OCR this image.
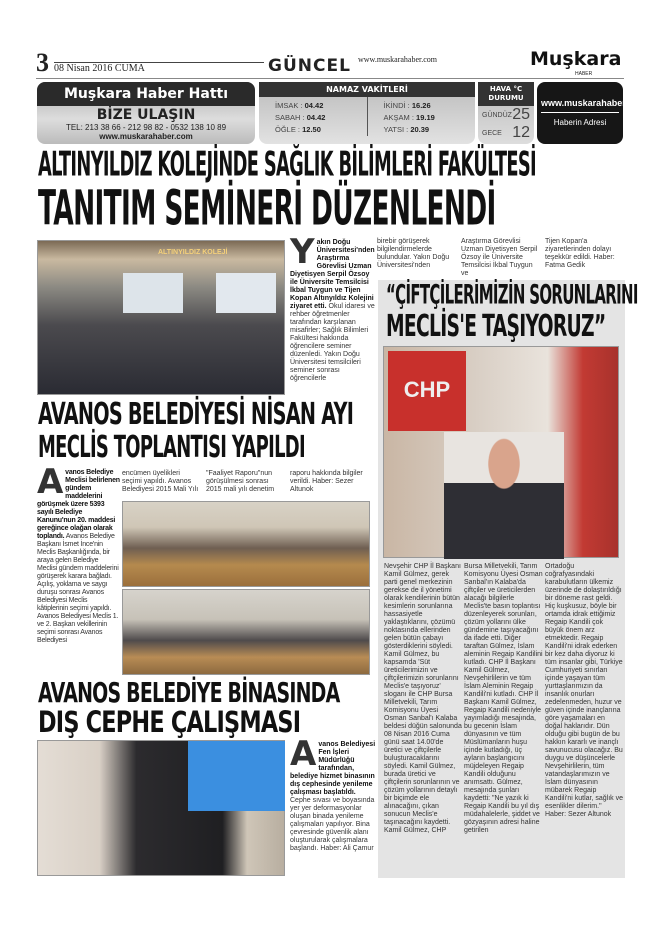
3 08 Nisan 2016 CUMA	GÜNCEL www.muskarahaber.com	Muşkara
HABER
Muşkara Haber Hattı
BİZE ULAŞIN
TEL: 213 38 66 - 212 98 82 - 0532 138 10 89
www.muskarahaber.com
NAMAZ VAKİTLERİ
İMSAK : 04.42
SABAH : 04.42
ÖĞLE : 12.50
İKİNDİ : 16.26
AKŞAM : 19.19
YATSI : 20.39
HAVA °C DURUMU
GÜNDÜZ 25
GECE 12
www.muskarahaber.com
Haberin Adresi
ALTINYILDIZ KOLEJİNDE SAĞLIK BİLİMLERİ FAKÜLTESİ
TANITIM SEMİNERİ DÜZENLENDİ
ALTINYILDIZ KOLEJİ Yakın Doğu Üniversitesi'nden Araştırma Görevlisi Uzman Diyetisyen Serpil Özsoy ile Üniversite Temsilcisi İkbal Tuygun ve Tijen Kopan Altınyıldız Kolejini ziyaret etti. Okul idaresi ve rehber öğretmenler tarafından karşılanan misafirler; Sağlık Bilimleri Fakültesi hakkında öğrencilere seminer düzenledi. Yakın Doğu Üniversitesi temsilcileri seminer sonrası öğrencilerle
birebir görüşerek bilgilendirmelerde bulundular. Yakın Doğu Üniversitesi'nden
Araştırma Görevlisi Uzman Diyetisyen Serpil Özsoy ile Üniversite Temsilcisi İkbal Tuygun ve
Tijen Kopan'a ziyaretlerinden dolayı teşekkür edildi. Haber: Fatma Gedik
AVANOS BELEDİYESİ NİSAN AYI
MECLİS TOPLANTISI YAPILDI
Avanos Belediye Meclisi belirlenen gündem maddelerini görüşmek üzere 5393 sayılı Belediye Kanunu'nun 20. maddesi gereğince olağan olarak toplandı. Avanos Belediye Başkanı İsmet İnce'nin Meclis Başkanlığında, bir araya gelen Belediye Meclisi gündem maddelerini görüşerek karara bağladı. Açılış, yoklama ve saygı duruşu sonrası Avanos Belediyesi Meclis kâtiplerinin seçimi yapıldı. Avanos Belediyesi Meclis 1. ve 2. Başkan vekillerinin seçimi sonrası Avanos Belediyesi
encümen üyelikleri seçimi yapıldı. Avanos Belediyesi 2015 Mali Yılı
"Faaliyet Raporu"nun görüşülmesi sonrası 2015 mali yılı denetim
raporu hakkında bilgiler verildi. Haber: Sezer Altunok
AVANOS BELEDİYE BİNASINDA
DIŞ CEPHE ÇALIŞMASI
Avanos Belediyesi Fen İşleri Müdürlüğü tarafından, belediye hizmet binasının dış cephesinde yenileme çalışması başlatıldı. Cephe sıvası ve boyasında yer yer deformasyonlar oluşan binada yenileme çalışmaları yapılıyor. Bina çevresinde güvenlik alanı oluşturularak çalışmalara başlandı. Haber: Ali Çamur
“ÇİFTÇİLERİMİZİN SORUNLARINI
MECLİS'E TAŞIYORUZ”
CHP
Nevşehir CHP İl Başkanı Kamil Gülmez, gerek parti genel merkezinin gerekse de il yönetimi olarak kendilerinin bütün kesimlerin sorunlarına hassasiyetle yaklaştıklarını, çözümü noktasında ellerinden gelen bütün çabayı gösterdiklerini söyledi. Kamil Gülmez, bu kapsamda 'Süt üreticilerimizin ve çiftçilerimizin sorunlarını Meclis'e taşıyoruz' sloganı ile CHP Bursa Milletvekili, Tarım Komisyonu Üyesi Osman Sanbal'ı Kalaba beldesi düğün salonunda 08 Nisan 2016 Cuma günü saat 14.00'de üretici ve çiftçilerle buluşturacaklarını söyledi. Kamil Gülmez, burada üretici ve çiftçilerin sorunlarının ve çözüm yollarının detaylı bir biçimde ele alınacağını, çıkan sonucun Meclis'e taşınacağını kaydetti. Kamil Gülmez, CHP
Bursa Milletvekili, Tarım Komisyonu Üyesi Osman Sanbal'ın Kalaba'da çiftçiler ve üreticilerden alacağı bilgilerle Meclis'te basın toplantısı düzenleyerek sorunları, çözüm yollarını ülke gündemine taşıyacağını da ifade etti. Diğer taraftan Gülmez, İslam aleminin Regaip Kandilini kutladı. CHP İl Başkanı Kamil Gülmez, Nevşehirlilerin ve tüm İslam Aleminin Regaip Kandili'ni kutladı. CHP İl Başkanı Kamil Gülmez, Regaip Kandili nedeniyle yayımladığı mesajında, bu gecenin İslam dünyasının ve tüm Müslümanların huşu içinde kutladığı, üç ayların başlangıcını müjdeleyen Regaip Kandili olduğunu anımsattı. Gülmez, mesajında şunları kaydetti: "Ne yazık ki Regaip Kandili bu yıl dış müdahalelerle, şiddet ve gözyaşının adresi haline getirilen
Ortadoğu coğrafyasındaki karabulutların ülkemiz üzerinde de dolaştırıldığı bir döneme rast geldi. Hiç kuşkusuz, böyle bir ortamda idrak ettiğimiz Regaip Kandili çok büyük önem arz etmektedir. Regaip Kandili'ni idrak ederken bir kez daha diyoruz ki tüm insanlar gibi, Türkiye Cumhuriyeti sınırları içinde yaşayan tüm yurttaşlarımızın da insanlık onurları zedelenmeden, huzur ve güven içinde inançlarına göre yaşamaları en doğal haklarıdır. Dün olduğu gibi bugün de bu hakkın kararlı ve inançlı savunucusu olacağız. Bu duygu ve düşüncelerle Nevşehirlilerin, tüm vatandaşlarımızın ve İslam dünyasının mübarek Regaip Kandili'ni kutlar, sağlık ve esenlikler dilerim." Haber: Sezer Altunok
